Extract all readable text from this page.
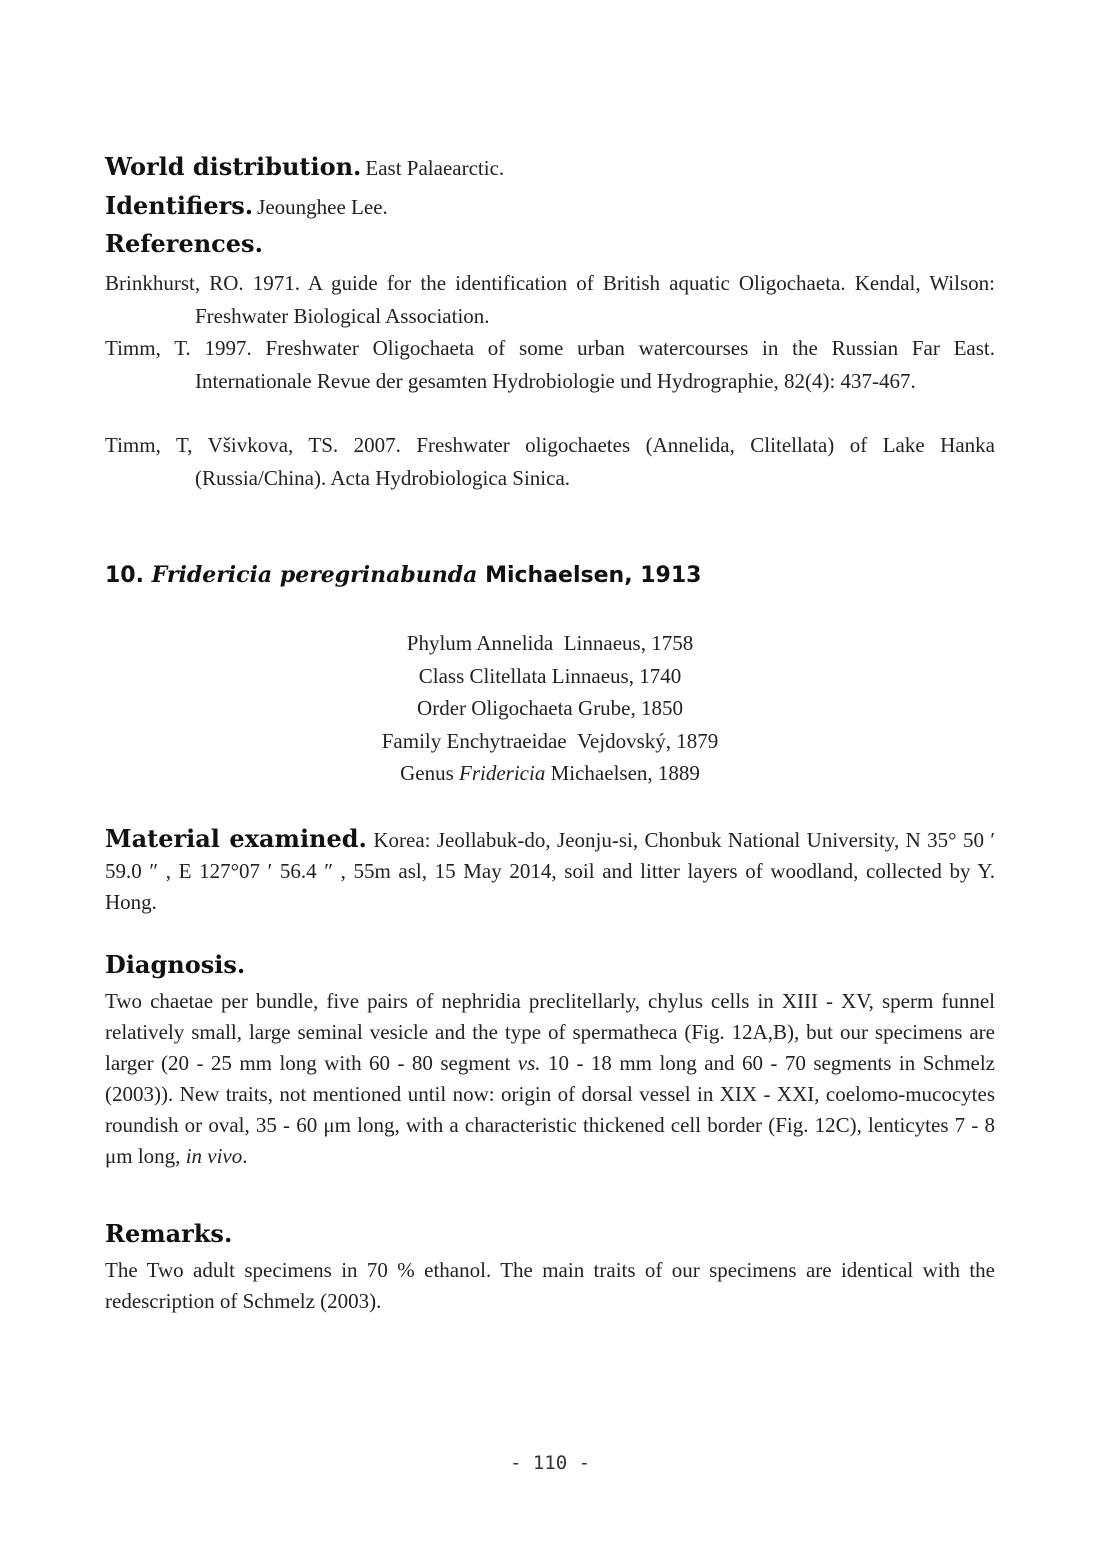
World distribution. East Palaearctic.
Identifiers. Jeounghee Lee.
References.
Brinkhurst, RO. 1971. A guide for the identification of British aquatic Oligochaeta. Kendal, Wilson: Freshwater Biological Association.
Timm, T. 1997. Freshwater Oligochaeta of some urban watercourses in the Russian Far East. Internationale Revue der gesamten Hydrobiologie und Hydrographie, 82(4): 437-467.
Timm, T, Všivkova, TS. 2007. Freshwater oligochaetes (Annelida, Clitellata) of Lake Hanka (Russia/China). Acta Hydrobiologica Sinica.
10. Fridericia peregrinabunda Michaelsen, 1913
Phylum Annelida Linnaeus, 1758
Class Clitellata Linnaeus, 1740
Order Oligochaeta Grube, 1850
Family Enchytraeidae Vejdovský, 1879
Genus Fridericia Michaelsen, 1889
Material examined. Korea: Jeollabuk-do, Jeonju-si, Chonbuk National University, N 35° 50 ′ 59.0 ″ , E 127°07 ′ 56.4 ″ , 55m asl, 15 May 2014, soil and litter layers of woodland, collected by Y. Hong.
Diagnosis.
Two chaetae per bundle, five pairs of nephridia preclitellarly, chylus cells in XIII - XV, sperm funnel relatively small, large seminal vesicle and the type of spermatheca (Fig. 12A,B), but our specimens are larger (20 - 25 mm long with 60 - 80 segment vs. 10 - 18 mm long and 60 - 70 segments in Schmelz (2003)). New traits, not mentioned until now: origin of dorsal vessel in XIX - XXI, coelomo-mucocytes roundish or oval, 35 - 60 μm long, with a characteristic thickened cell border (Fig. 12C), lenticytes 7 - 8 μm long, in vivo.
Remarks.
The Two adult specimens in 70 % ethanol. The main traits of our specimens are identical with the redescription of Schmelz (2003).
- 110 -
